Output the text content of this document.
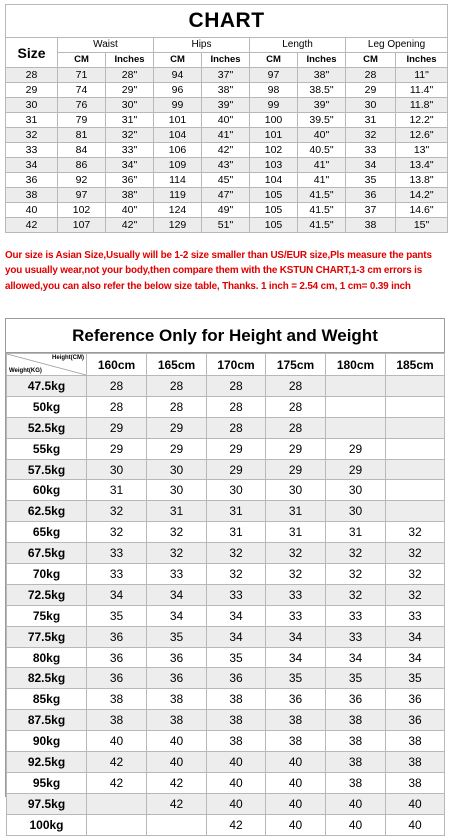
CHART								
Size	Waist		Hips		Length		Leg Opening	
	CM	Inches	CM	Inches	CM	Inches	CM	Inches
28	71	28"	94	37"	97	38"	28	11"
29	74	29"	96	38"	98	38.5"	29	11.4"
30	76	30"	99	39"	99	39"	30	11.8"
31	79	31"	101	40"	100	39.5"	31	12.2"
32	81	32"	104	41"	101	40"	32	12.6"
33	84	33"	106	42"	102	40.5"	33	13"
34	86	34"	109	43"	103	41"	34	13.4"
36	92	36"	114	45"	104	41"	35	13.8"
38	97	38"	119	47"	105	41.5"	36	14.2"
40	102	40"	124	49"	105	41.5"	37	14.6"
42	107	42"	129	51"	105	41.5"	38	15"
Our size is Asian Size,Usually will be 1-2 size smaller than US/EUR size,Pls measure the pants
you usually wear,not your body,then compare them with the KSTUN CHART,1-3 cm errors is
allowed,you can also refer the below size table, Thanks. 1 inch = 2.54 cm, 1 cm= 0.39 inch
Reference Only for Height and Weight
Height(CM)
Weight(KG)	160cm	165cm	170cm	175cm	180cm	185cm
47.5kg	28	28	28	28		
50kg	28	28	28	28		
52.5kg	29	29	28	28		
55kg	29	29	29	29	29	
57.5kg	30	30	29	29	29	
60kg	31	30	30	30	30	
62.5kg	32	31	31	31	30	
65kg	32	32	31	31	31	32
67.5kg	33	32	32	32	32	32
70kg	33	33	32	32	32	32
72.5kg	34	34	33	33	32	32
75kg	35	34	34	33	33	33
77.5kg	36	35	34	34	33	34
80kg	36	36	35	34	34	34
82.5kg	36	36	36	35	35	35
85kg	38	38	38	36	36	36
87.5kg	38	38	38	38	38	36
90kg	40	40	38	38	38	38
92.5kg	42	40	40	40	38	38
95kg	42	42	40	40	38	38
97.5kg		42	40	40	40	40
100kg			42	40	40	40
